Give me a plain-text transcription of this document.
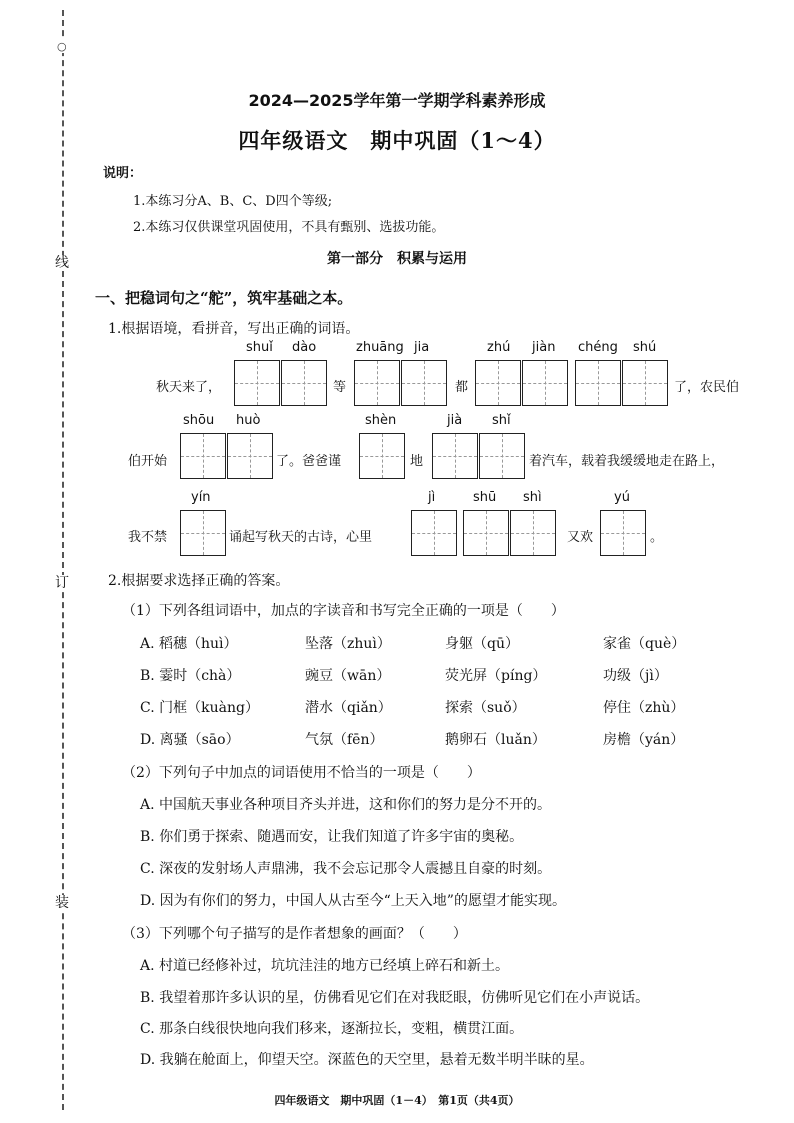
○
线
订
装
2024—2025学年第一学期学科素养形成
四年级语文　期中巩固（1～4）
说明：
1.本练习分A、B、C、D四个等级;
2.本练习仅供课堂巩固使用，不具有甄别、选拔功能。
第一部分　积累与运用
一、把稳词句之“舵”，筑牢基础之本。
1.根据语境，看拼音，写出正确的词语。
shuǐ dào	zhuāng jia	zhú jiàn chéng shú
秋天来了，	等	都	了，农民伯
shōu huò	shèn	jià shǐ
伯开始	了。爸爸谨	地	着汽车，载着我缓缓地走在路上，
yín	jì	shū shì	yú
我不禁	诵起写秋天的古诗，心里	又欢	。
2.根据要求选择正确的答案。
（1）下列各组词语中，加点的字读音和书写完全正确的一项是（　　）
A. 稻穗（huì）	坠落（zhuì）	身躯（qū）	家雀（què）
B. 霎时（chà）	豌豆（wān）	荧光屏（píng）	功级（jì）
C. 门框（kuàng）	潜水（qiǎn）	探索（suǒ）	停住（zhù）
D. 离骚（sāo）	气氛（fēn）	鹅卵石（luǎn）	房檐（yán）
（2）下列句子中加点的词语使用不恰当的一项是（　　）
A. 中国航天事业各种项目齐头并进，这和你们的努力是分不开的。
B. 你们勇于探索、随遇而安，让我们知道了许多宇宙的奥秘。
C. 深夜的发射场人声鼎沸，我不会忘记那令人震撼且自豪的时刻。
D. 因为有你们的努力，中国人从古至今“上天入地”的愿望才能实现。
（3）下列哪个句子描写的是作者想象的画面？（　　）
A. 村道已经修补过，坑坑洼洼的地方已经填上碎石和新土。
B. 我望着那许多认识的星，仿佛看见它们在对我眨眼，仿佛听见它们在小声说话。
C. 那条白线很快地向我们移来，逐渐拉长，变粗，横贯江面。
D. 我躺在舱面上，仰望天空。深蓝色的天空里，悬着无数半明半昧的星。
四年级语文　期中巩固（1－4）　第1页（共4页）
